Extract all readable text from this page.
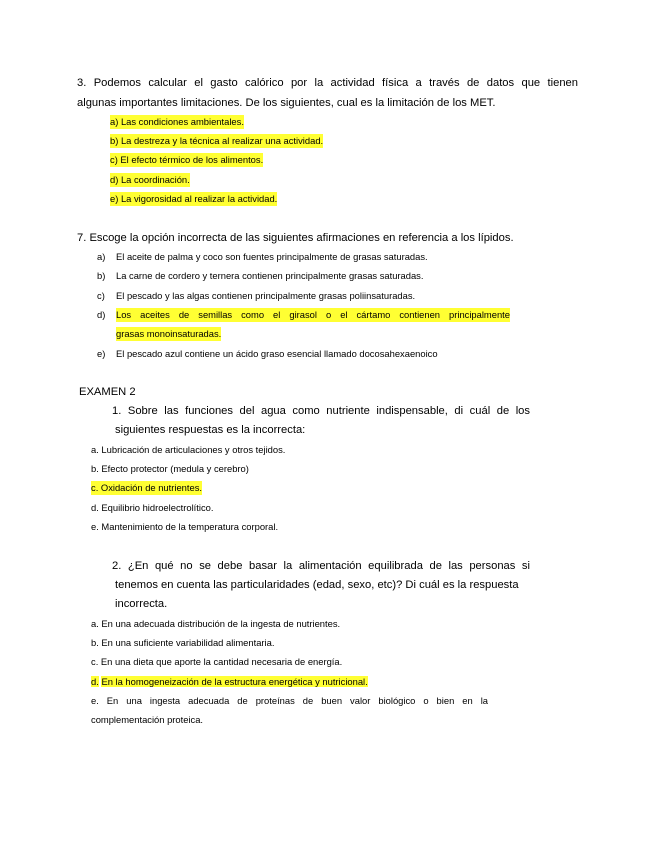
3. Podemos calcular el gasto calórico por la actividad física a través de datos que tienen
algunas importantes limitaciones. De los siguientes, cual es la limitación de los MET.
a) Las condiciones ambientales.
b) La destreza y la técnica al realizar una actividad.
c) El efecto térmico de los alimentos.
d) La coordinación.
e) La vigorosidad al realizar la actividad.
7. Escoge la opción incorrecta de las siguientes afirmaciones en referencia a los lípidos.
a) El aceite de palma y coco son fuentes principalmente de grasas saturadas.
b) La carne de cordero y ternera contienen principalmente grasas saturadas.
c) El pescado y las algas contienen principalmente grasas poliinsaturadas.
d) Los aceites de semillas como el girasol o el cártamo contienen principalmente
grasas monoinsaturadas.
e) El pescado azul contiene un ácido graso esencial llamado docosahexaenoico
EXAMEN 2
1. Sobre las funciones del agua como nutriente indispensable, di cuál de los
siguientes respuestas es la incorrecta:
a. Lubricación de articulaciones y otros tejidos.
b. Efecto protector (medula y cerebro)
c. Oxidación de nutrientes.
d. Equilibrio hidroelectrolítico.
e. Mantenimiento de la temperatura corporal.
2. ¿En qué no se debe basar la alimentación equilibrada de las personas si
tenemos en cuenta las particularidades (edad, sexo, etc)? Di cuál es la respuesta
incorrecta.
a. En una adecuada distribución de la ingesta de nutrientes.
b. En una suficiente variabilidad alimentaria.
c. En una dieta que aporte la cantidad necesaria de energía.
d. En la homogeneización de la estructura energética y nutricional.
e. En una ingesta adecuada de proteínas de buen valor biológico o bien en la
complementación proteica.
